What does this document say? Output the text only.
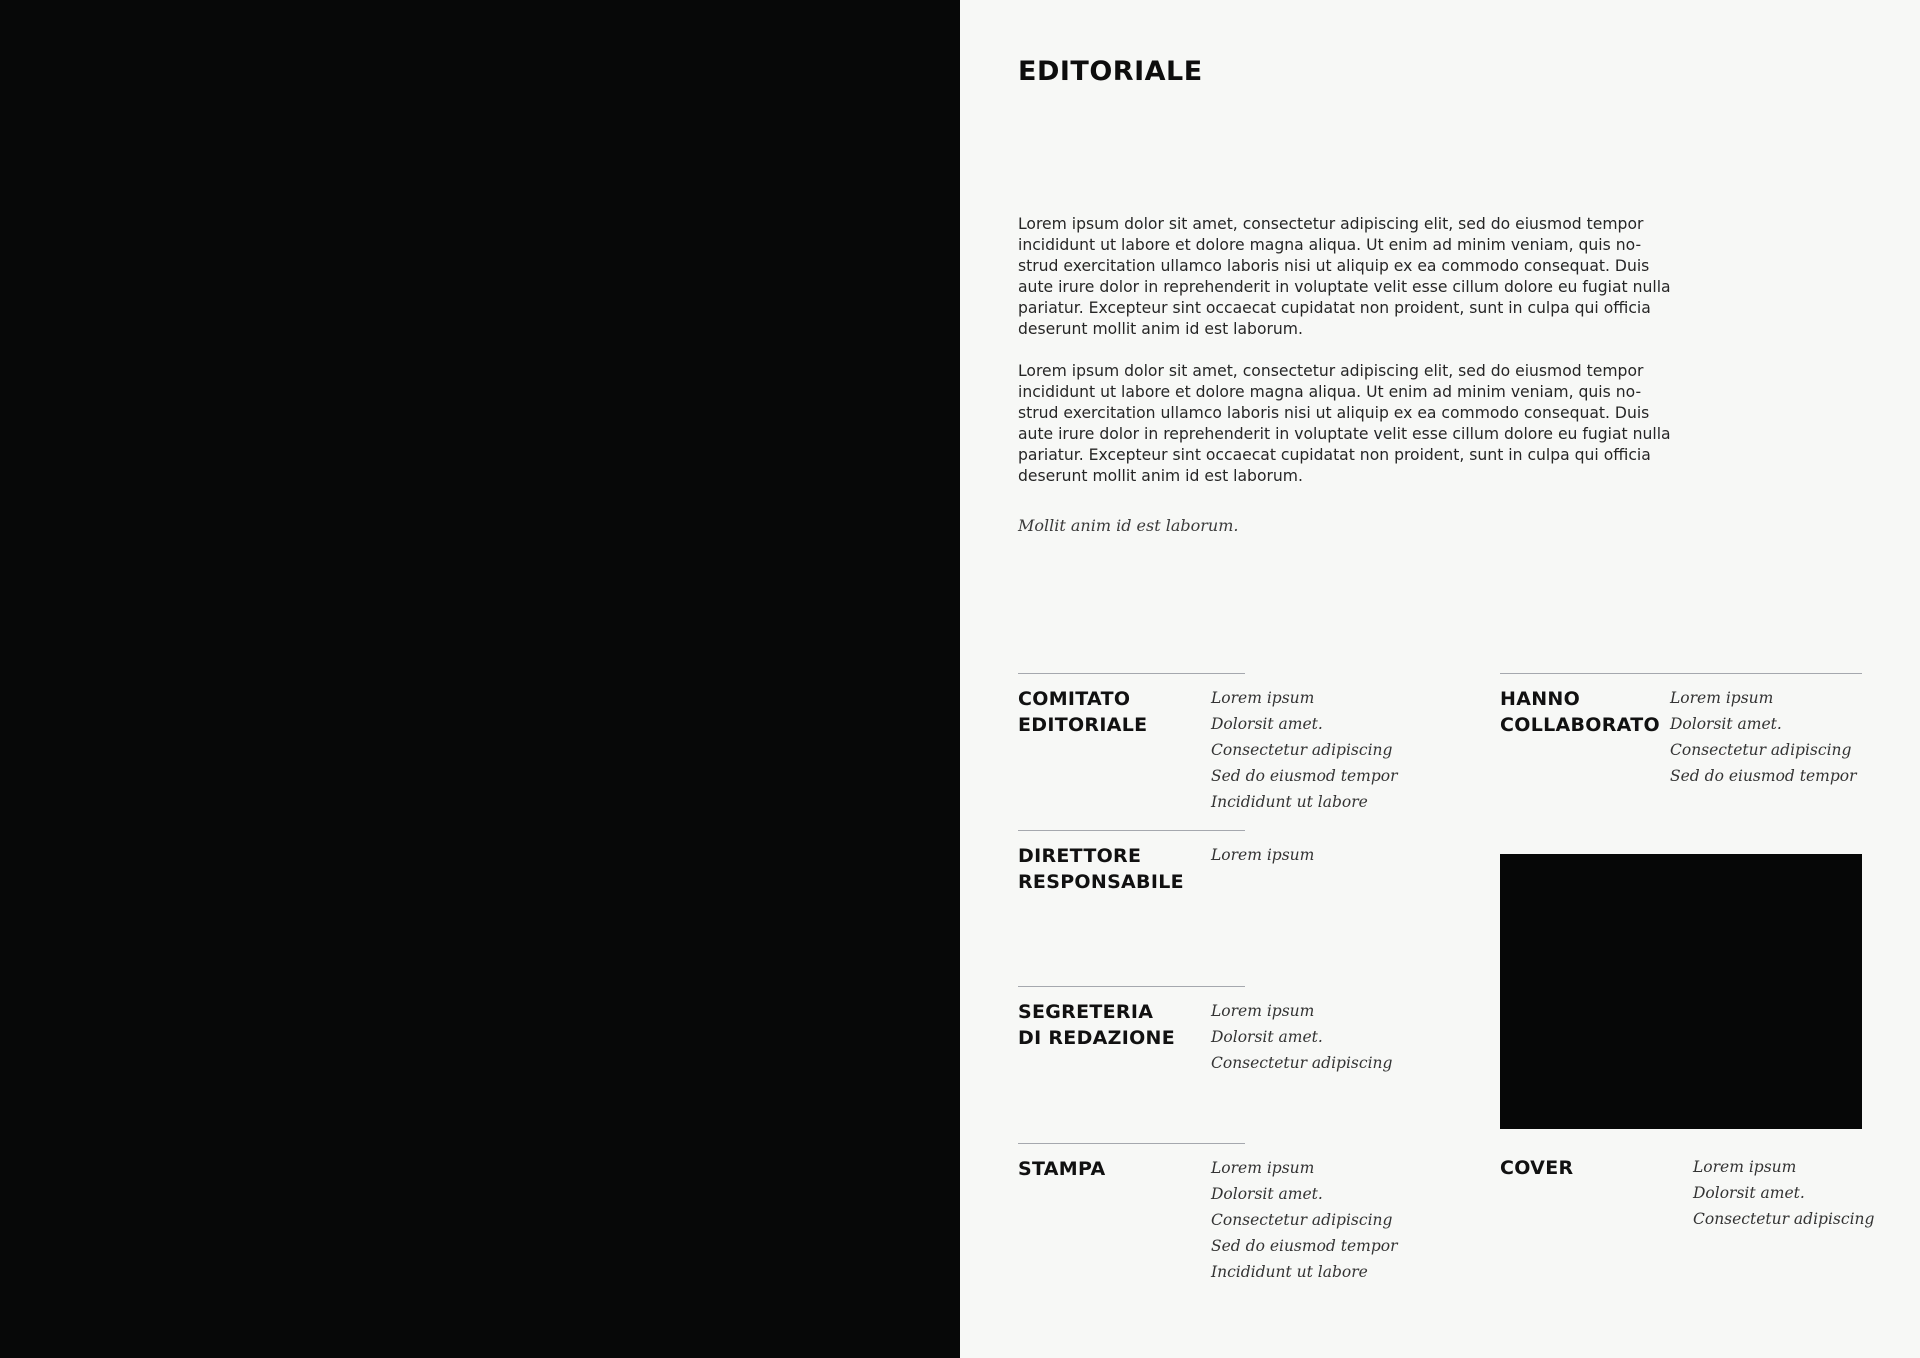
EDITORIALE

Lorem ipsum dolor sit amet, consectetur adipiscing elit, sed do eiusmod tempor incididunt ut labore et dolore magna aliqua. Ut enim ad minim veniam, quis no-strud exercitation ullamco laboris nisi ut aliquip ex ea commodo consequat. Duis aute irure dolor in reprehenderit in voluptate velit esse cillum dolore eu fugiat nulla pariatur. Excepteur sint occaecat cupidatat non proident, sunt in culpa qui officia deserunt mollit anim id est laborum.

Lorem ipsum dolor sit amet, consectetur adipiscing elit, sed do eiusmod tempor incididunt ut labore et dolore magna aliqua. Ut enim ad minim veniam, quis no-strud exercitation ullamco laboris nisi ut aliquip ex ea commodo consequat. Duis aute irure dolor in reprehenderit in voluptate velit esse cillum dolore eu fugiat nulla pariatur. Excepteur sint occaecat cupidatat non proident, sunt in culpa qui officia deserunt mollit anim id est laborum.

Mollit anim id est laborum.

COMITATO
EDITORIALE
Lorem ipsum
Dolorsit amet.
Consectetur adipiscing
Sed do eiusmod tempor
Incididunt ut labore
DIRETTORE
RESPONSABILE
Lorem ipsum
SEGRETERIA
DI REDAZIONE
Lorem ipsum
Dolorsit amet.
Consectetur adipiscing
STAMPA	Lorem ipsum
Dolorsit amet.
Consectetur adipiscing
Sed do eiusmod tempor
Incididunt ut labore
HANNO
COLLABORATO
Lorem ipsum
Dolorsit amet.
Consectetur adipiscing
Sed do eiusmod tempor
COVER	Lorem ipsum
Dolorsit amet.
Consectetur adipiscing
